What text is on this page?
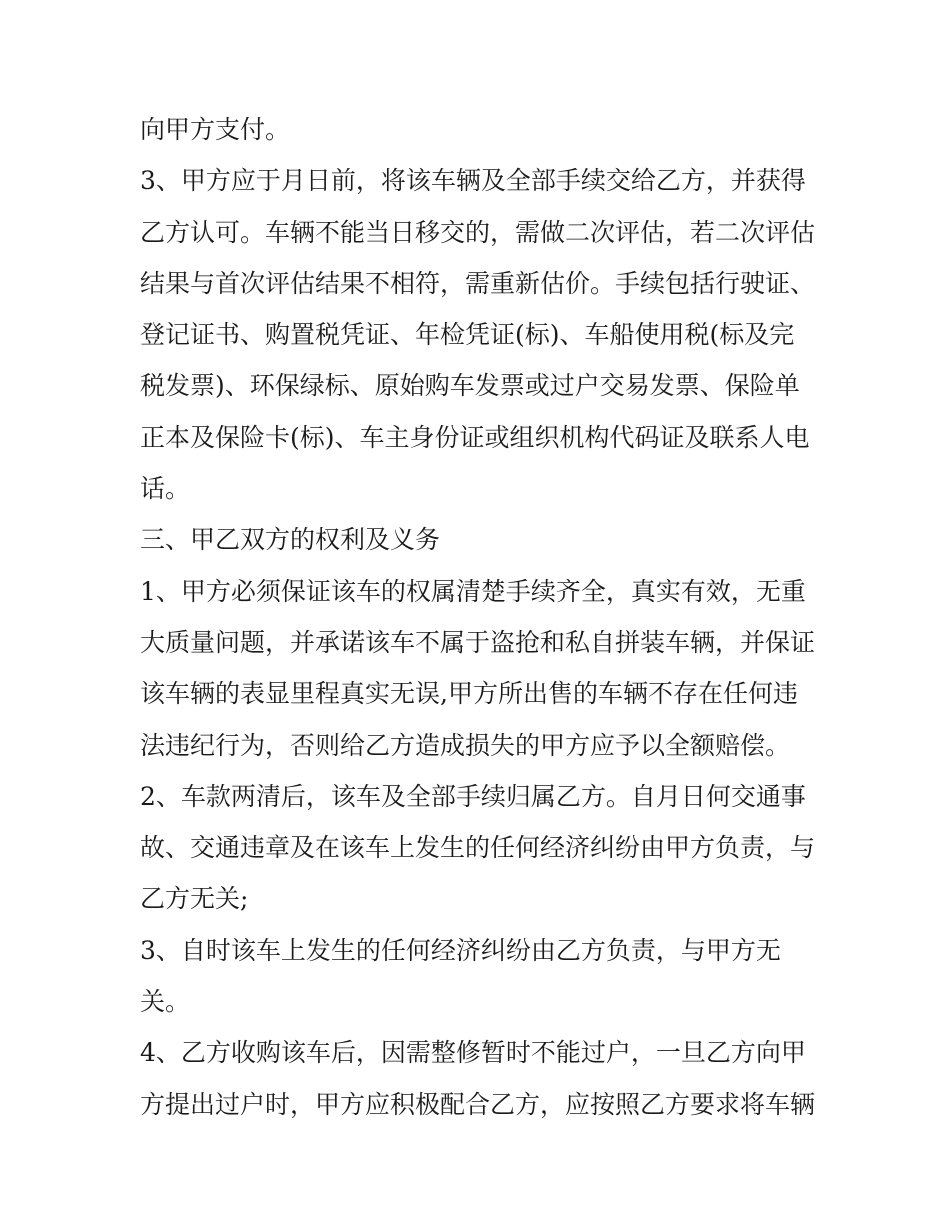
向甲方支付。
3、甲方应于月日前，将该车辆及全部手续交给乙方，并获得
乙方认可。车辆不能当日移交的，需做二次评估，若二次评估
结果与首次评估结果不相符，需重新估价。手续包括行驶证、
登记证书、购置税凭证、年检凭证(标)、车船使用税(标及完
税发票)、环保绿标、原始购车发票或过户交易发票、保险单
正本及保险卡(标)、车主身份证或组织机构代码证及联系人电
话。
三、甲乙双方的权利及义务
1、甲方必须保证该车的权属清楚手续齐全，真实有效，无重
大质量问题，并承诺该车不属于盗抢和私自拼装车辆，并保证
该车辆的表显里程真实无误,甲方所出售的车辆不存在任何违
法违纪行为，否则给乙方造成损失的甲方应予以全额赔偿。
2、车款两清后，该车及全部手续归属乙方。自月日何交通事
故、交通违章及在该车上发生的任何经济纠纷由甲方负责，与
乙方无关;
3、自时该车上发生的任何经济纠纷由乙方负责，与甲方无
关。
4、乙方收购该车后，因需整修暂时不能过户，一旦乙方向甲
方提出过户时，甲方应积极配合乙方，应按照乙方要求将车辆
